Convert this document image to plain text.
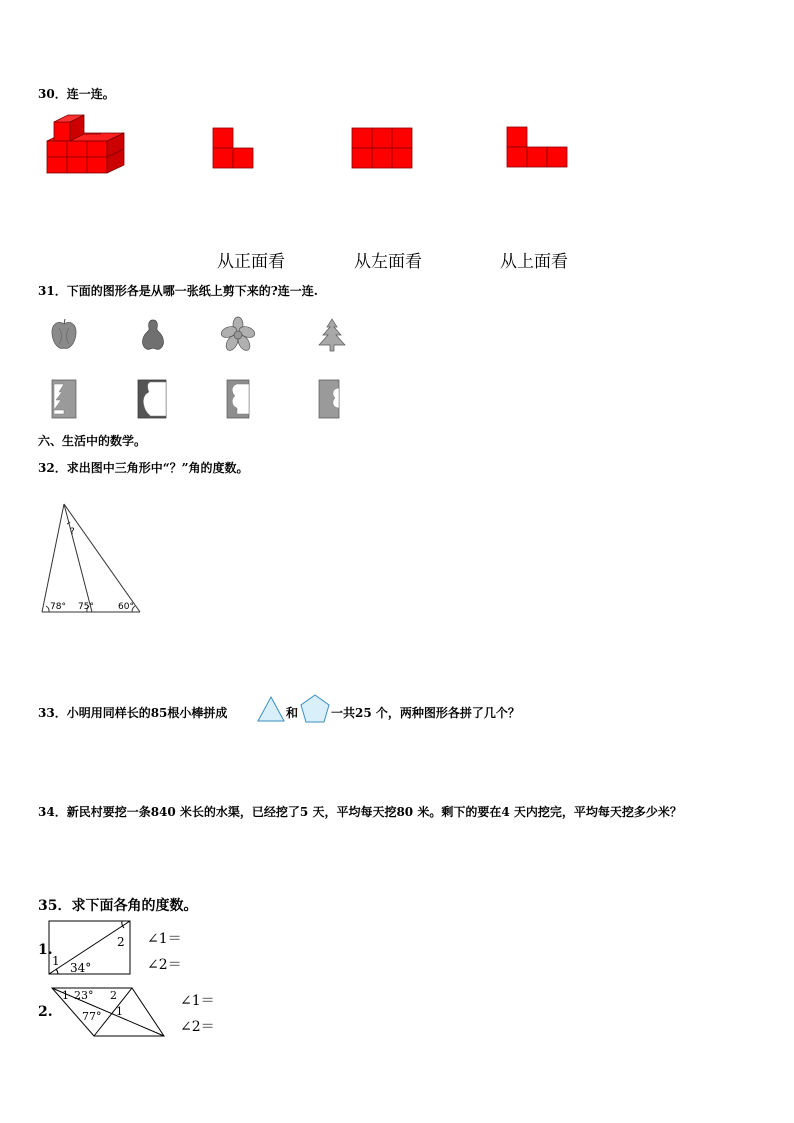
30．连一连。
从正面看	从左面看	从上面看
31．下面的图形各是从哪一张纸上剪下来的?连一连.
六、生活中的数学。
32．求出图中三角形中“？”角的度数。
78° 75°	60°
?
33．小明用同样长的85根小棒拼成	和	一共25 个，两种图形各拼了几个？
34．新民村要挖一条840 米长的水渠，已经挖了5 天，平均每天挖80 米。剩下的要在4 天内挖完，平均每天挖多少米？
35．求下面各角的度数。
1.	2
1 34°
∠1＝
∠2＝
2.
1 23° 2
77° 1
∠1＝
∠2＝
